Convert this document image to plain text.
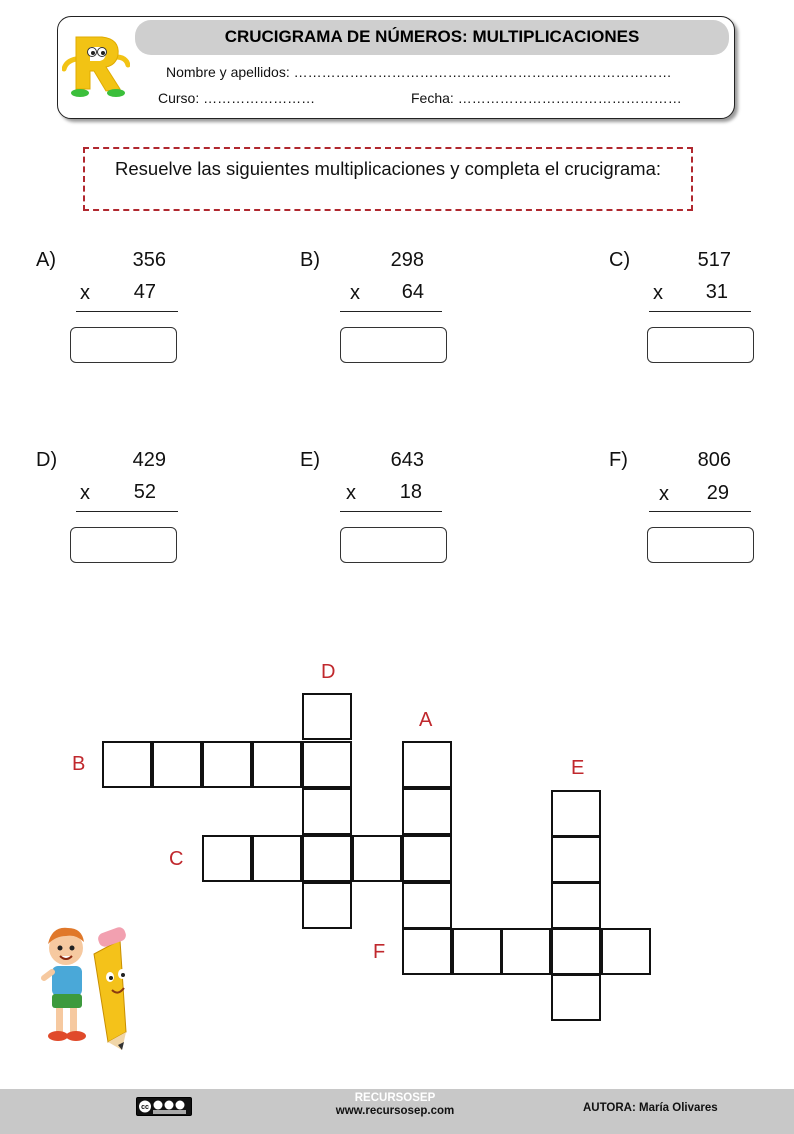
CRUCIGRAMA DE NÚMEROS: MULTIPLICACIONES
Nombre y apellidos: ………………………………………………………………………
Curso: ……………………	Fecha: …………………………………………
Resuelve las siguientes multiplicaciones y completa el crucigrama:
A)	356
x	47
B)	298
x	64
C)	517
x	31
D)	429
x	52
E)	643
x	18
F)	806
x	29
D
A
B	E
C
F
cc
RECURSOSEP
www.recursosep.com	AUTORA: María Olivares
